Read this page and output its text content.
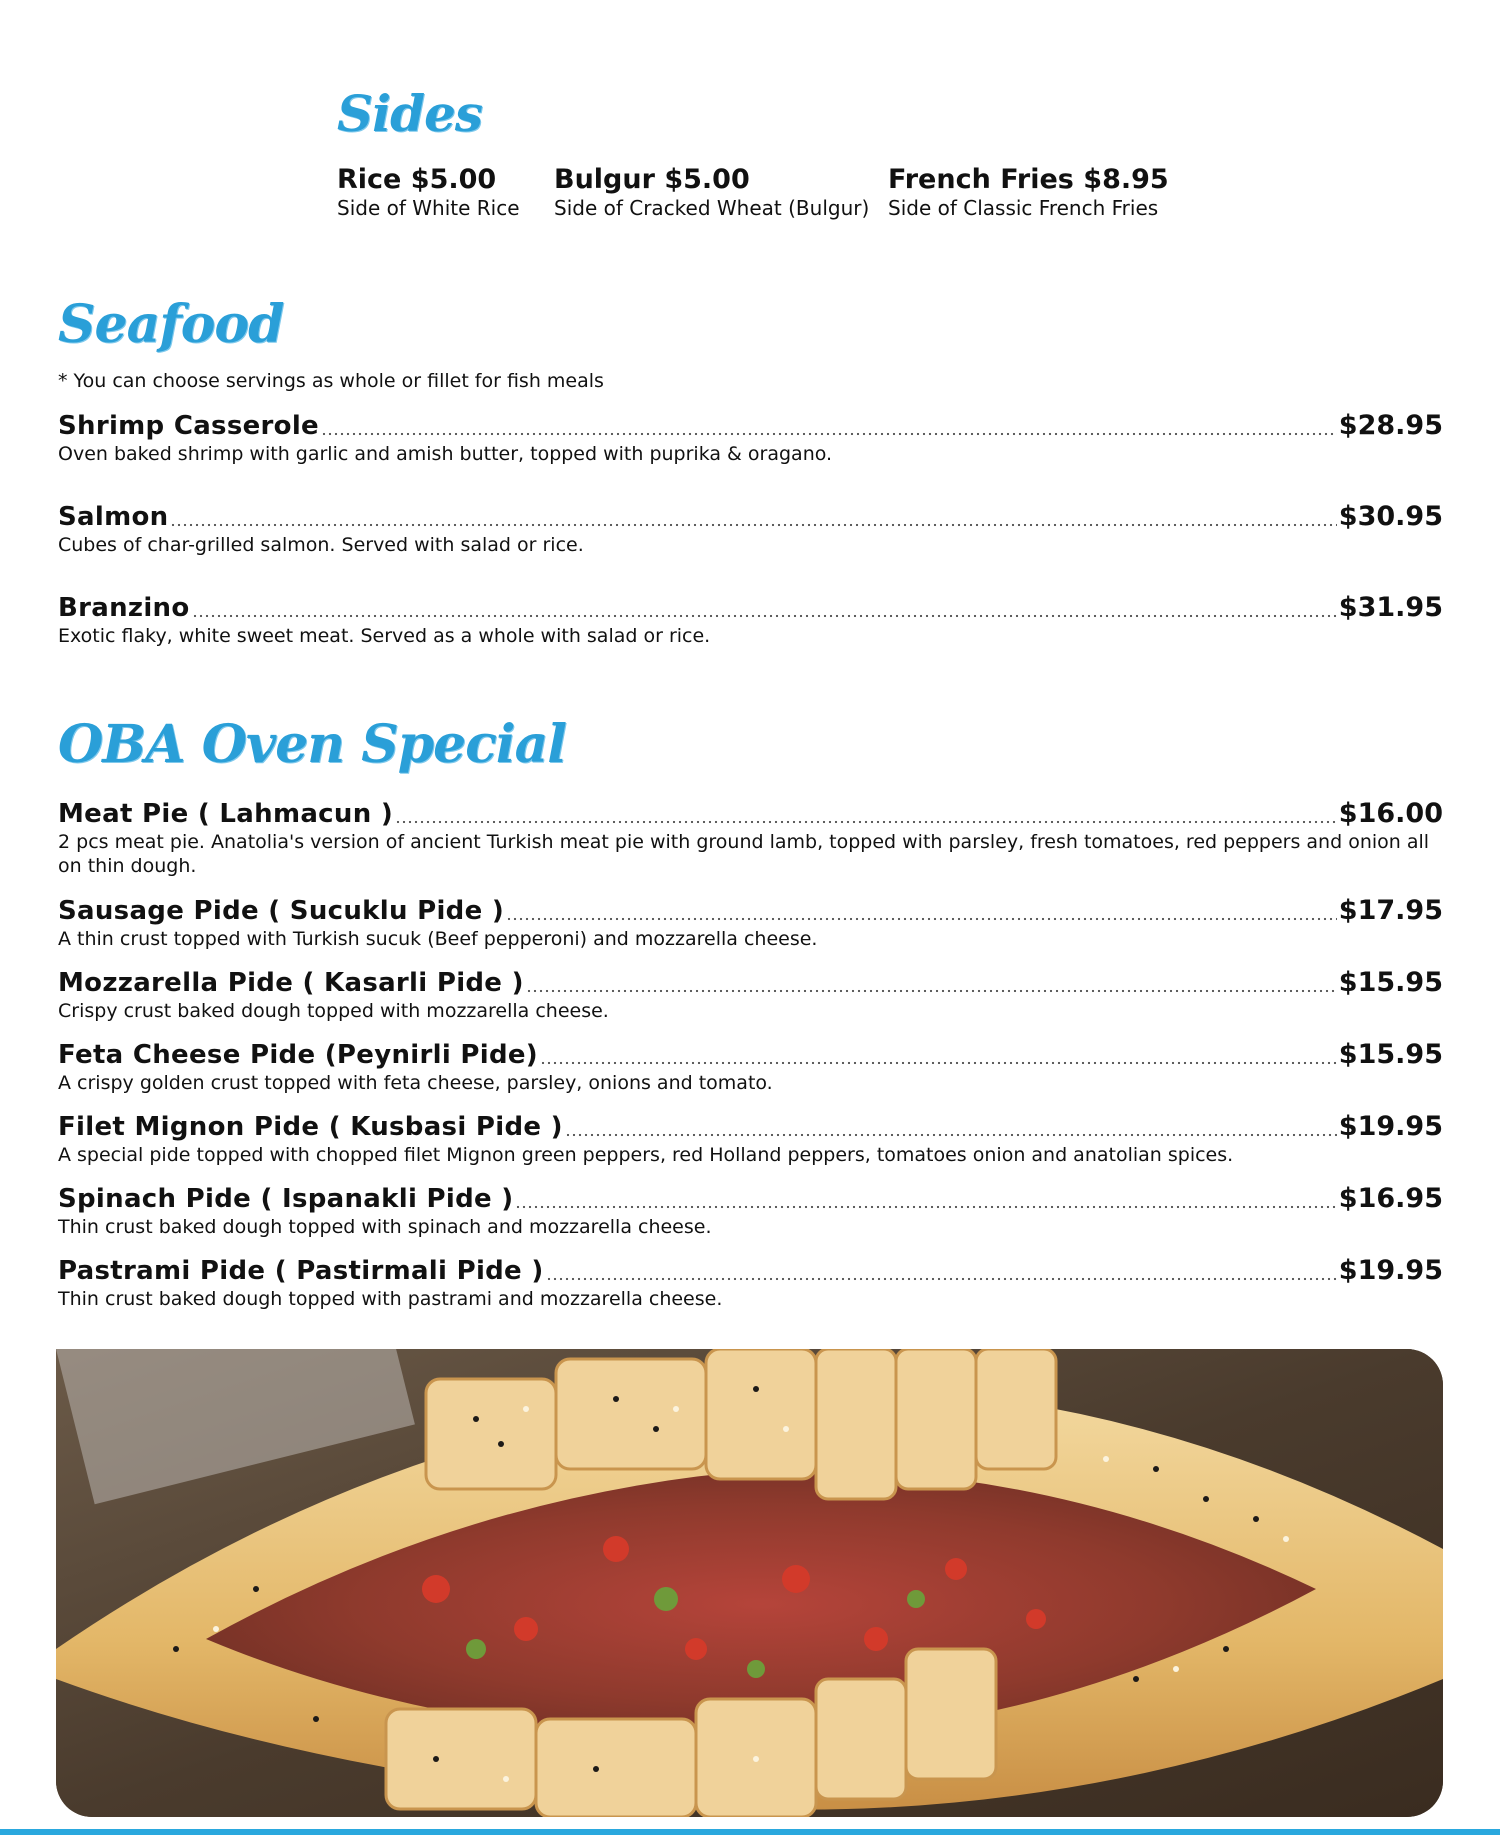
Sides
Rice $5.00
Side of White Rice
Bulgur $5.00
Side of Cracked Wheat (Bulgur)
French Fries $8.95
Side of Classic French Fries
Seafood
* You can choose servings as whole or fillet for fish meals
Shrimp Casserole	$28.95
Oven baked shrimp with garlic and amish butter, topped with puprika & oragano.
Salmon	$30.95
Cubes of char-grilled salmon. Served with salad or rice.
Branzino	$31.95
Exotic flaky, white sweet meat. Served as a whole with salad or rice.
OBA Oven Special
Meat Pie ( Lahmacun )	$16.00
2 pcs meat pie. Anatolia's version of ancient Turkish meat pie with ground lamb, topped with parsley, fresh tomatoes, red peppers and onion all on thin dough.
Sausage Pide ( Sucuklu Pide )	$17.95
A thin crust topped with Turkish sucuk (Beef pepperoni) and mozzarella cheese.
Mozzarella Pide ( Kasarli Pide )	$15.95
Crispy crust baked dough topped with mozzarella cheese.
Feta Cheese Pide (Peynirli Pide)	$15.95
A crispy golden crust topped with feta cheese, parsley, onions and tomato.
Filet Mignon Pide ( Kusbasi Pide )	$19.95
A special pide topped with chopped filet Mignon green peppers, red Holland peppers, tomatoes onion and anatolian spices.
Spinach Pide ( Ispanakli Pide )	$16.95
Thin crust baked dough topped with spinach and mozzarella cheese.
Pastrami Pide ( Pastirmali Pide )	$19.95
Thin crust baked dough topped with pastrami and mozzarella cheese.
